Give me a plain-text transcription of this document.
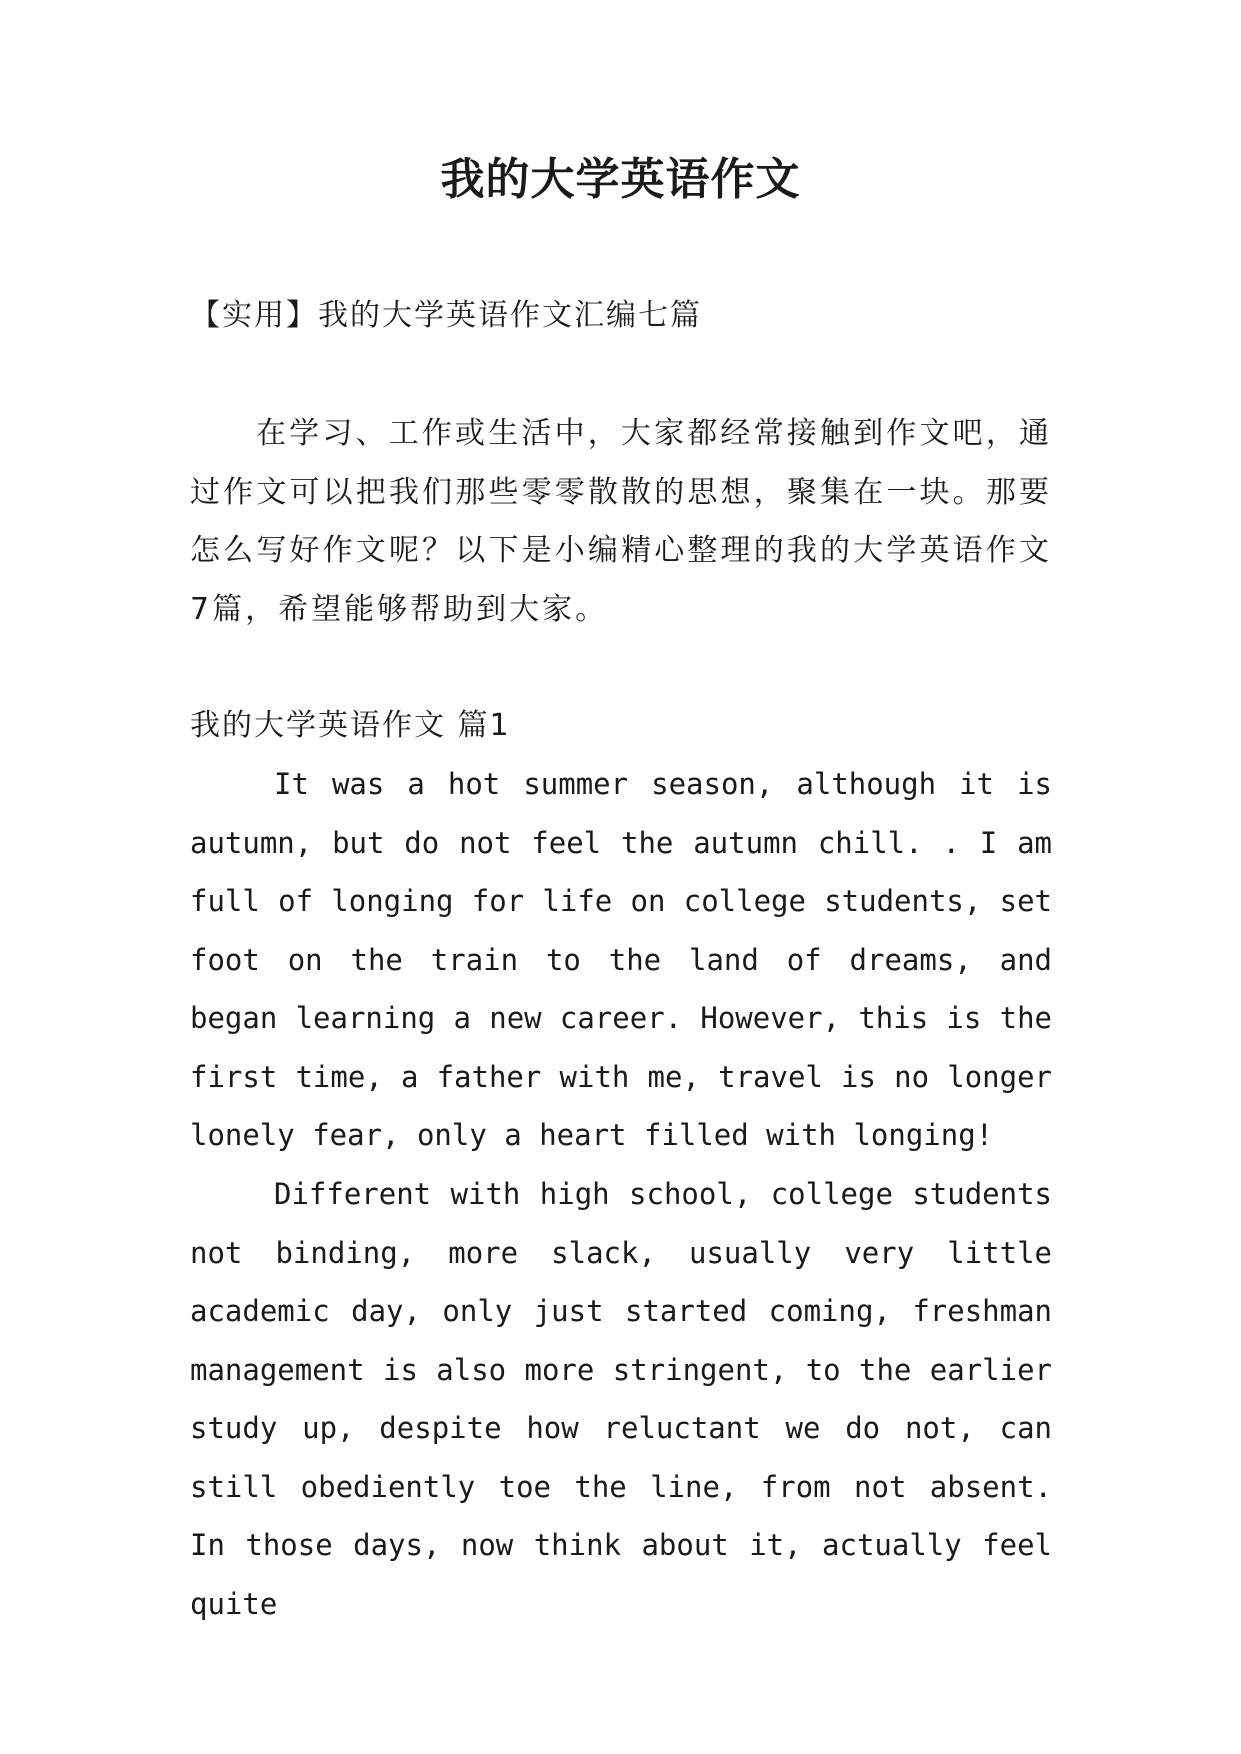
我的大学英语作文
【实用】我的大学英语作文汇编七篇

在学习、工作或生活中，大家都经常接触到作文吧，通过作文可以把我们那些零零散散的思想，聚集在一块。那要怎么写好作文呢？以下是小编精心整理的我的大学英语作文7篇，希望能够帮助到大家。

我的大学英语作文 篇1

It was a hot summer season, although it is autumn, but do not feel the autumn chill. . I am full of longing for life on college students, set foot on the train to the land of dreams, and began learning a new career. However, this is the first time, a father with me, travel is no longer lonely fear, only a heart filled with longing!

Different with high school, college students not binding, more slack, usually very little academic day, only just started coming, freshman management is also more stringent, to the earlier study up, despite how reluctant we do not, can still obediently toe the line, from not absent. In those days, now think about it, actually feel quite
